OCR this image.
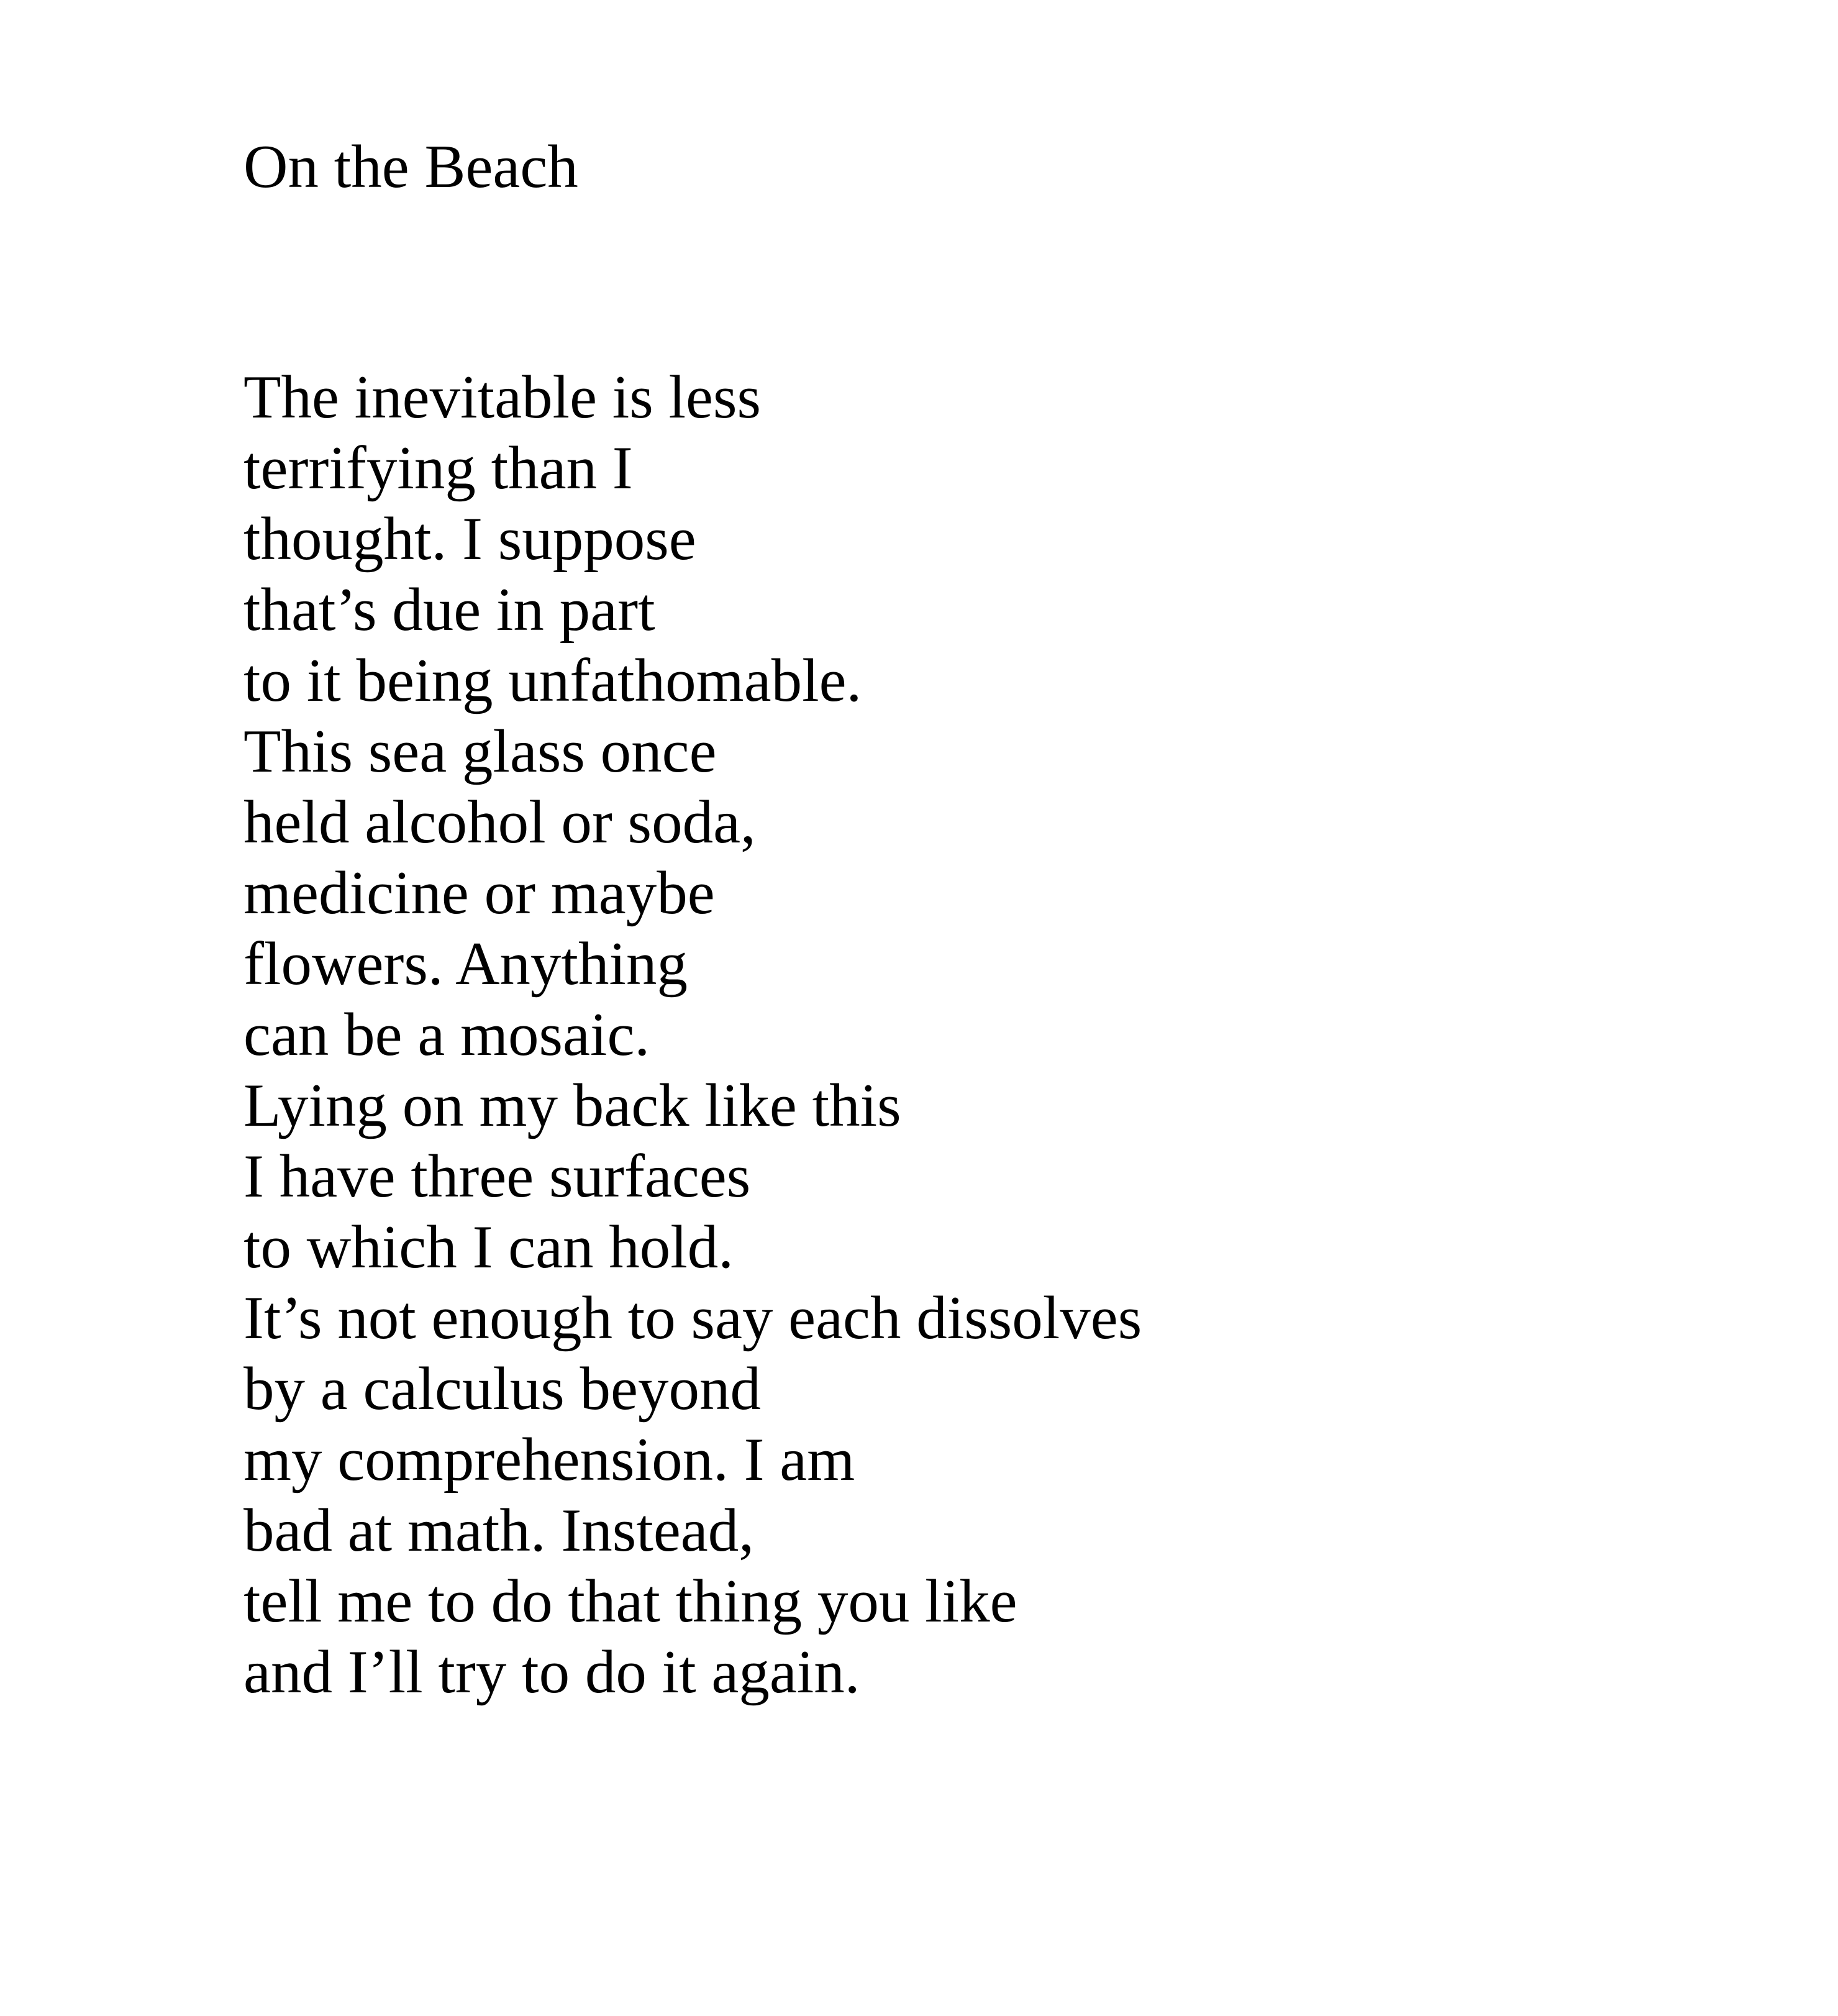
On the Beach
The inevitable is less
terrifying than I
thought. I suppose
that’s due in part
to it being unfathomable.
This sea glass once
held alcohol or soda,
medicine or maybe
flowers. Anything
can be a mosaic.
Lying on my back like this
I have three surfaces
to which I can hold.
It’s not enough to say each dissolves
by a calculus beyond
my comprehension. I am
bad at math. Instead,
tell me to do that thing you like
and I’ll try to do it again.
